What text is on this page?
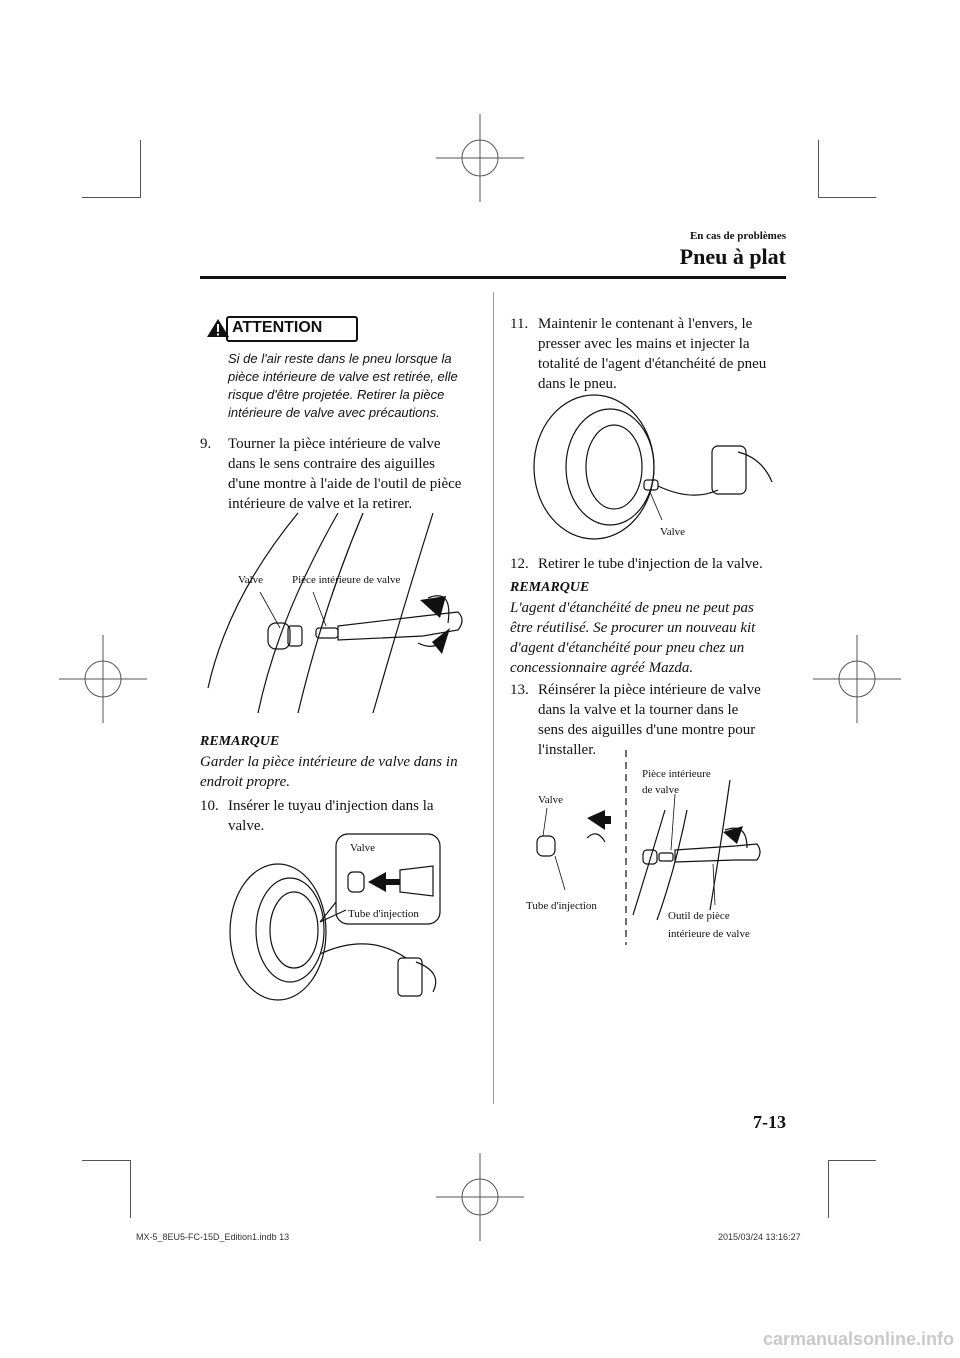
En cas de problèmes
Pneu à plat
ATTENTION
Si de l'air reste dans le pneu lorsque la
pièce intérieure de valve est retirée, elle
risque d'être projetée. Retirer la pièce
intérieure de valve avec précautions.
9. Tourner la pièce intérieure de valve
dans le sens contraire des aiguilles
d'une montre à l'aide de l'outil de pièce
intérieure de valve et la retirer.
Valve	Pièce intérieure de valve
REMARQUE
Garder la pièce intérieure de valve dans in
endroit propre.
10. Insérer le tuyau d'injection dans la
valve.
Valve
Tube d'injection
11. Maintenir le contenant à l'envers, le
presser avec les mains et injecter la
totalité de l'agent d'étanchéité de pneu
dans le pneu.
Valve
12. Retirer le tube d'injection de la valve.
REMARQUE
L'agent d'étanchéité de pneu ne peut pas
être réutilisé. Se procurer un nouveau kit
d'agent d'étanchéité pour pneu chez un
concessionnaire agréé Mazda.
13. Réinsérer la pièce intérieure de valve
dans la valve et la tourner dans le
sens des aiguilles d'une montre pour
l'installer.
Valve
Pièce intérieure
de valve
Tube d'injection
Outil de pièce
intérieure de valve
7-13
MX-5_8EU5-FC-15D_Edition1.indb 13	2015/03/24 13:16:27
carmanualsonline.info
